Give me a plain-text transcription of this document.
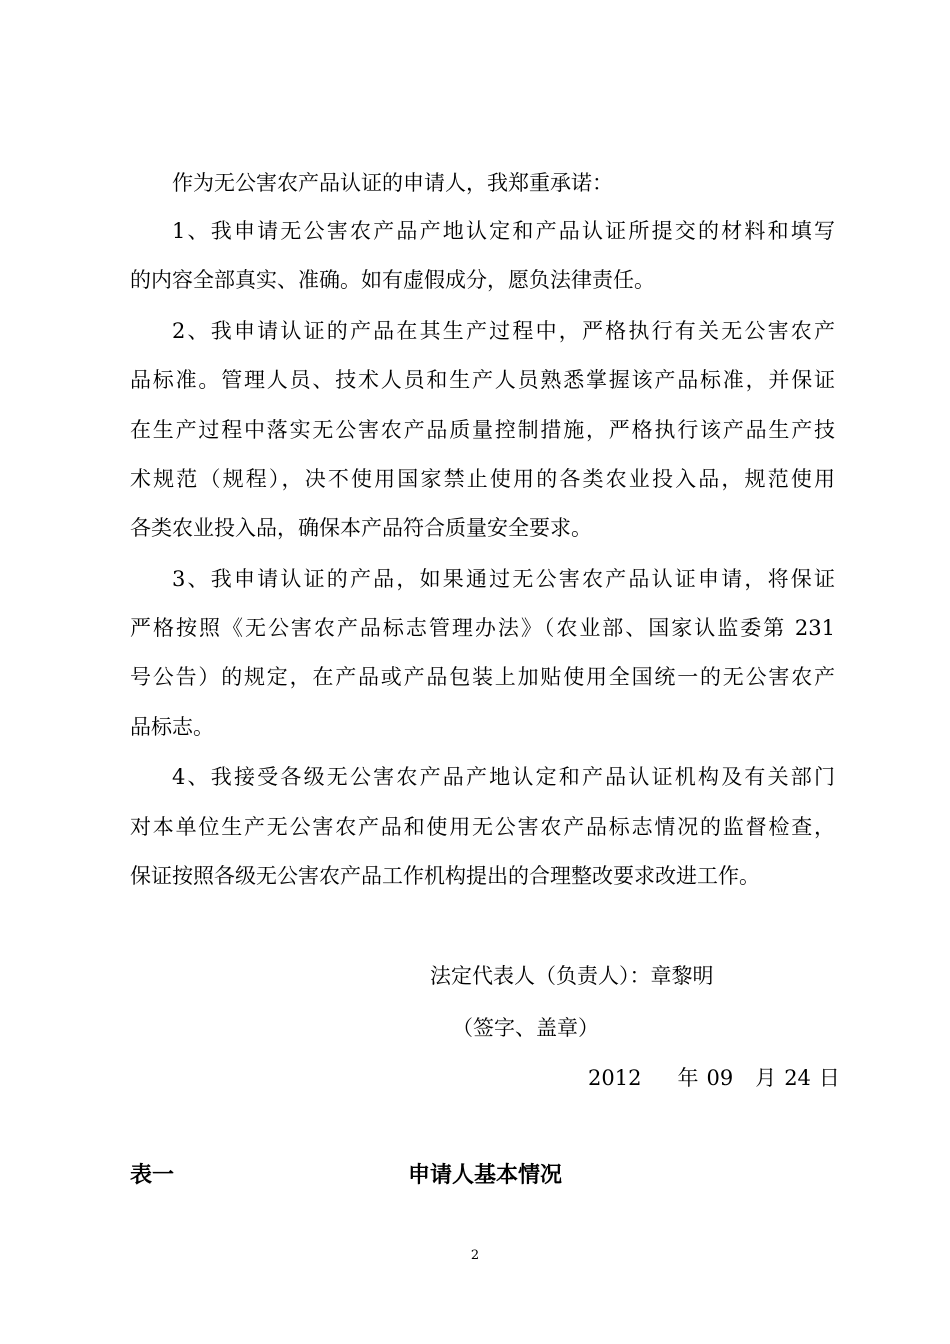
作为无公害农产品认证的申请人，我郑重承诺：
1、我申请无公害农产品产地认定和产品认证所提交的材料和填写
的内容全部真实、准确。如有虚假成分，愿负法律责任。
2、我申请认证的产品在其生产过程中，严格执行有关无公害农产
品标准。管理人员、技术人员和生产人员熟悉掌握该产品标准，并保证
在生产过程中落实无公害农产品质量控制措施，严格执行该产品生产技
术规范（规程），决不使用国家禁止使用的各类农业投入品，规范使用
各类农业投入品，确保本产品符合质量安全要求。
3、我申请认证的产品，如果通过无公害农产品认证申请，将保证
严格按照《无公害农产品标志管理办法》（农业部、国家认监委第 231
号公告）的规定，在产品或产品包装上加贴使用全国统一的无公害农产
品标志。
4、我接受各级无公害农产品产地认定和产品认证机构及有关部门
对本单位生产无公害农产品和使用无公害农产品标志情况的监督检查，
保证按照各级无公害农产品工作机构提出的合理整改要求改进工作。
法定代表人（负责人）：章黎明
（签字、盖章）
2012 年 09 月 24 日
表一	申请人基本情况
2
